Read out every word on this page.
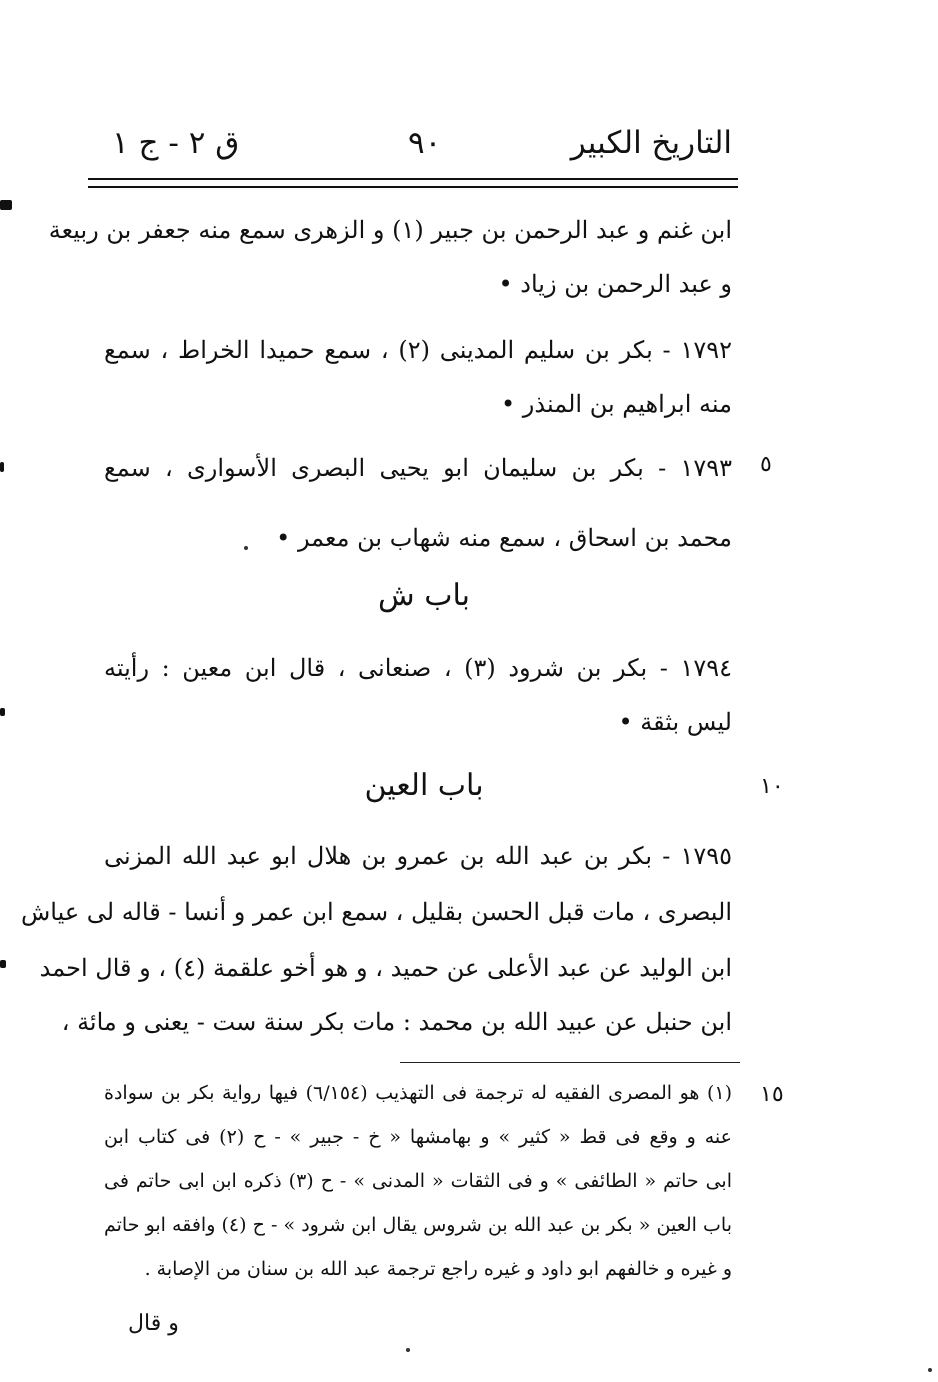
التاريخ الكبير
٩٠
ق ٢ - ج ١
ابن غنم و عبد الرحمن بن جبير (١) و الزهرى سمع منه جعفر بن ربيعة
و عبد الرحمن بن زياد •
١٧٩٢ - بكر بن سليم المدينى (٢) ، سمع حميدا الخراط ، سمع
منه ابراهيم بن المنذر •
٥
١٧٩٣ - بكر بن سليمان ابو يحيى البصرى الأسوارى ، سمع
محمد بن اسحاق ، سمع منه شهاب بن معمر •
باب ش
١٧٩٤ - بكر بن شرود (٣) ، صنعانى ، قال ابن معين : رأيته
ليس بثقة •
١٠
باب العين
١٧٩٥ - بكر بن عبد الله بن عمرو بن هلال ابو عبد الله المزنى
البصرى ، مات قبل الحسن بقليل ، سمع ابن عمر و أنسا - قاله لى عياش
ابن الوليد عن عبد الأعلى عن حميد ، و هو أخو علقمة (٤) ، و قال احمد
ابن حنبل عن عبيد الله بن محمد : مات بكر سنة ست - يعنى و مائة ،
١٥
(١) هو المصرى الفقيه له ترجمة فى التهذيب (٦/١٥٤) فيها رواية بكر بن سوادة
عنه و وقع فى قط « كثير » و بهامشها « خ - جبير » - ح (٢) فى كتاب ابن
ابى حاتم « الطائفى » و فى الثقات « المدنى » - ح (٣) ذكره ابن ابى حاتم فى
باب العين « بكر بن عبد الله بن شروس يقال ابن شرود » - ح (٤) وافقه ابو حاتم
و غيره و خالفهم ابو داود و غيره راجع ترجمة عبد الله بن سنان من الإصابة .
و قال
